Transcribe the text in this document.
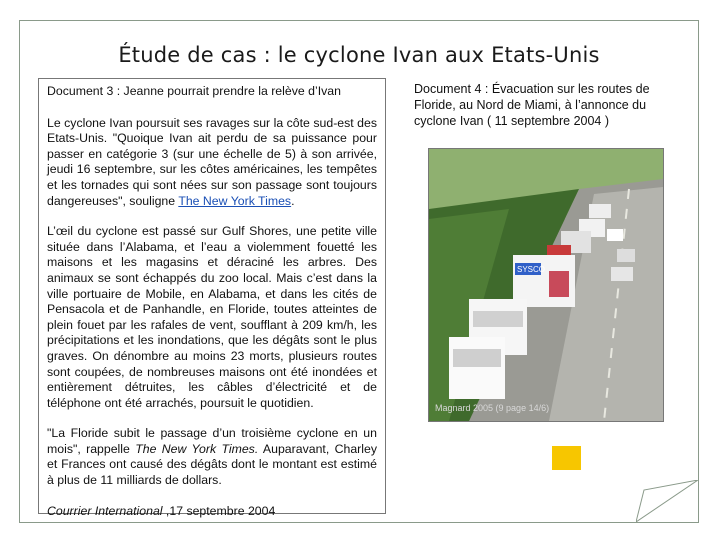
Étude de cas : le cyclone Ivan aux Etats-Unis

Document 3 : Jeanne pourrait prendre la relève d’Ivan

Le cyclone Ivan poursuit ses ravages sur la côte sud-est des Etats-Unis. "Quoique Ivan ait perdu de sa puissance pour passer en catégorie 3 (sur une échelle de 5) à son arrivée, jeudi 16 septembre, sur les côtes américaines, les tempêtes et les tornades qui sont nées sur son passage sont toujours dangereuses", souligne The New York Times.

L’œil du cyclone est passé sur Gulf Shores, une petite ville située dans l’Alabama, et l’eau a violemment fouetté les maisons et les magasins et déraciné les arbres. Des animaux se sont échappés du zoo local. Mais c’est dans la ville portuaire de Mobile, en Alabama, et dans les cités de Pensacola et de Panhandle, en Floride, toutes atteintes de plein fouet par les rafales de vent, soufflant à 209 km/h, les précipitations et les inondations, que les dégâts sont le plus graves. On dénombre au moins 23 morts, plusieurs routes sont coupées, de nombreuses maisons ont été inondées et entièrement détruites, les câbles d’électricité et de téléphone ont été arrachés, poursuit le quotidien.

"La Floride subit le passage d’un troisième cyclone en un mois", rappelle The New York Times. Auparavant, Charley et Frances ont causé des dégâts dont le montant est estimé à plus de 11 milliards de dollars.

Courrier International ,17 septembre 2004

Document 4 : Évacuation sur les routes de Floride, au Nord de Miami, à l’annonce du cyclone Ivan ( 11 septembre 2004 )
SYSCO
Magnard 2005 (9 page 14/6)
